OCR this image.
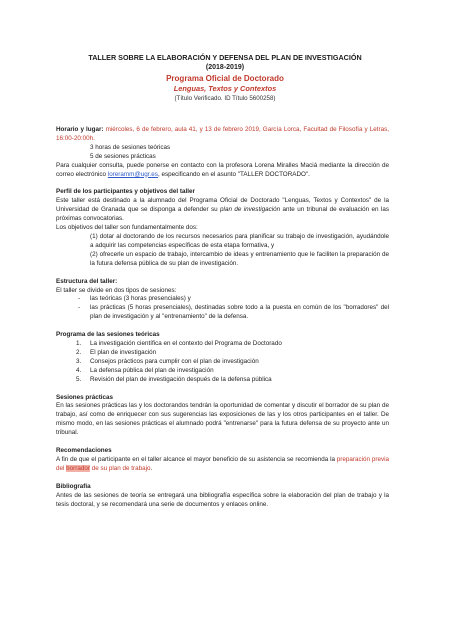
TALLER SOBRE LA ELABORACIÓN Y DEFENSA DEL PLAN DE INVESTIGACIÓN
(2018-2019)
Programa Oficial de Doctorado
Lenguas, Textos y Contextos
(Título Verificado. ID Título 5600258)

Horario y lugar: miércoles, 6 de febrero, aula 41, y 13 de febrero 2019, García Lorca, Facultad de Filosofía y Letras, 16:00-20:00h.

3 horas de sesiones teóricas

5 de sesiones prácticas

Para cualquier consulta, puede ponerse en contacto con la profesora Lorena Miralles Maciá mediante la dirección de correo electrónico loreramm@ugr.es, especificando en el asunto "TALLER DOCTORADO".

Perfil de los participantes y objetivos del taller

Este taller está destinado a la alumnado del Programa Oficial de Doctorado "Lenguas, Textos y Contextos" de la Universidad de Granada que se disponga a defender su plan de investigación ante un tribunal de evaluación en las próximas convocatorias.

Los objetivos del taller son fundamentalmente dos:

(1) dotar al doctorando de los recursos necesarios para planificar su trabajo de investigación, ayudándole a adquirir las competencias específicas de esta etapa formativa, y

(2) ofrecerle un espacio de trabajo, intercambio de ideas y entrenamiento que le faciliten la preparación de la futura defensa pública de su plan de investigación.

Estructura del taller:

El taller se divide en dos tipos de sesiones:

- las teóricas (3 horas presenciales) y
- las prácticas (5 horas presenciales), destinadas sobre todo a la puesta en común de los "borradores" del plan de investigación y al "entrenamiento" de la defensa.

Programa de las sesiones teóricas

1. La investigación científica en el contexto del Programa de Doctorado
2. El plan de investigación
3. Consejos prácticos para cumplir con el plan de investigación
4. La defensa pública del plan de investigación
5. Revisión del plan de investigación después de la defensa pública

Sesiones prácticas

En las sesiones prácticas las y los doctorandos tendrán la oportunidad de comentar y discutir el borrador de su plan de trabajo, así como de enriquecer con sus sugerencias las exposiciones de las y los otros participantes en el taller. De mismo modo, en las sesiones prácticas el alumnado podrá "entrenarse" para la futura defensa de su proyecto ante un tribunal.

Recomendaciones

A fin de que el participante en el taller alcance el mayor beneficio de su asistencia se recomienda la preparación previa del borrador de su plan de trabajo.

Bibliografía

Antes de las sesiones de teoría se entregará una bibliografía específica sobre la elaboración del plan de trabajo y la tesis doctoral, y se recomendará una serie de documentos y enlaces online.
